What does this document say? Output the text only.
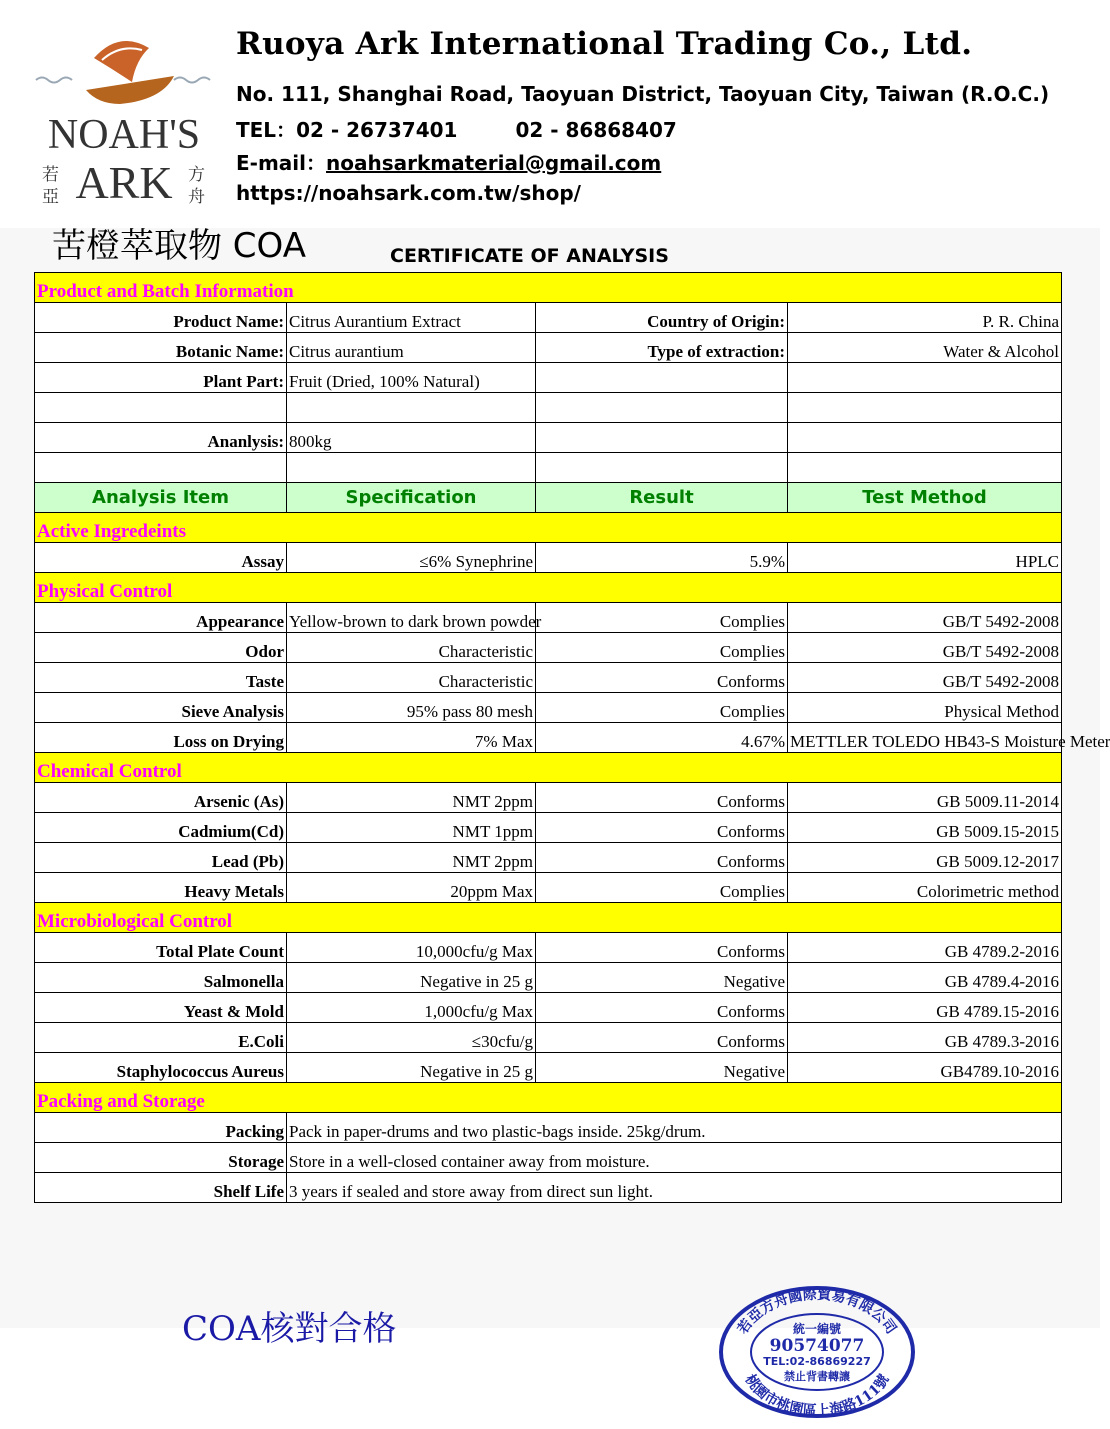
NOAH'S
若
亞 ARK 方
舟
Ruoya Ark International Trading Co., Ltd.
No. 111, Shanghai Road, Taoyuan District, Taoyuan City, Taiwan (R.O.C.)
TEL：02 - 26737401	02 - 86868407
E-mail：noahsarkmaterial@gmail.com
https://noahsark.com.tw/shop/
苦橙萃取物 COA	CERTIFICATE OF ANALYSIS
Product and Batch Information			
Product Name:	Citrus Aurantium Extract	Country of Origin:	P. R. China
Botanic Name:	Citrus aurantium	Type of extraction:	Water & Alcohol
Plant Part:	Fruit (Dried, 100% Natural)		

Ananlysis:	800kg		

Analysis Item	Specification	Result	Test Method
Active Ingredeints			
Assay	≤6% Synephrine	5.9%	HPLC
Physical Control			
Appearance	Yellow-brown to dark brown powder	Complies	GB/T 5492-2008
Odor	Characteristic	Complies	GB/T 5492-2008
Taste	Characteristic	Conforms	GB/T 5492-2008
Sieve Analysis	95% pass 80 mesh	Complies	Physical Method
Loss on Drying	7% Max	4.67%	METTLER TOLEDO HB43-S Moisture Meter
Chemical Control			
Arsenic (As)	NMT 2ppm	Conforms	GB 5009.11-2014
Cadmium(Cd)	NMT 1ppm	Conforms	GB 5009.15-2015
Lead (Pb)	NMT 2ppm	Conforms	GB 5009.12-2017
Heavy Metals	20ppm Max	Complies	Colorimetric method
Microbiological Control			
Total Plate Count	10,000cfu/g Max	Conforms	GB 4789.2-2016
Salmonella	Negative in 25 g	Negative	GB 4789.4-2016
Yeast & Mold	1,000cfu/g Max	Conforms	GB 4789.15-2016
E.Coli	≤30cfu/g	Conforms	GB 4789.3-2016
Staphylococcus Aureus	Negative in 25 g	Negative	GB4789.10-2016
Packing and Storage			
Packing	Pack in paper-drums and two plastic-bags inside. 25kg/drum.		
Storage	Store in a well-closed container away from moisture.		
Shelf Life	3 years if sealed and store away from direct sun light.		
COA核對合格	若亞方舟國際貿易有限公司
桃園市桃園區上海路111號
統一編號
90574077
TEL:02-86869227
禁止背書轉讓
